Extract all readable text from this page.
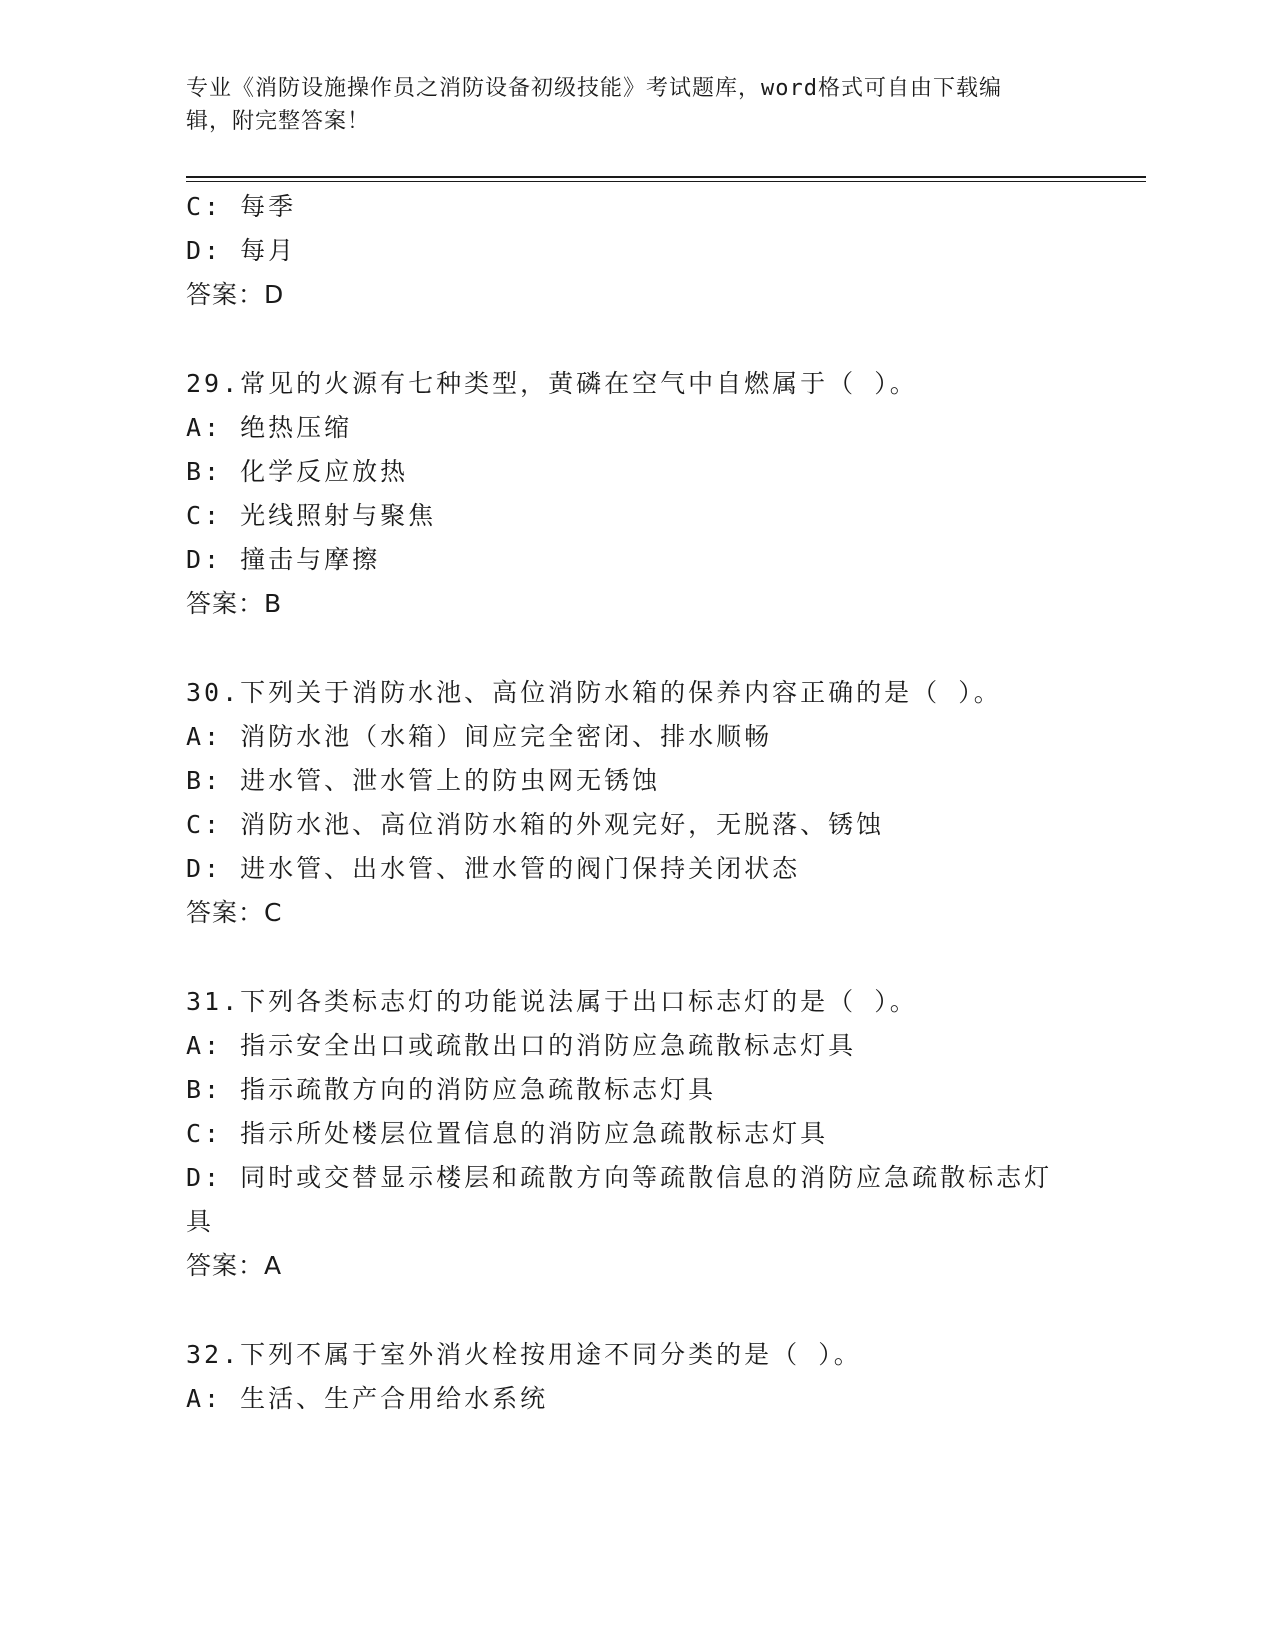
专业《消防设施操作员之消防设备初级技能》考试题库，word格式可自由下载编
辑，附完整答案！
C: 每季
D: 每月
答案：D
29.常见的火源有七种类型，黄磷在空气中自燃属于（ ）。
A: 绝热压缩
B: 化学反应放热
C: 光线照射与聚焦
D: 撞击与摩擦
答案：B
30.下列关于消防水池、高位消防水箱的保养内容正确的是（ ）。
A: 消防水池（水箱）间应完全密闭、排水顺畅
B: 进水管、泄水管上的防虫网无锈蚀
C: 消防水池、高位消防水箱的外观完好，无脱落、锈蚀
D: 进水管、出水管、泄水管的阀门保持关闭状态
答案：C
31.下列各类标志灯的功能说法属于出口标志灯的是（ ）。
A: 指示安全出口或疏散出口的消防应急疏散标志灯具
B: 指示疏散方向的消防应急疏散标志灯具
C: 指示所处楼层位置信息的消防应急疏散标志灯具
D: 同时或交替显示楼层和疏散方向等疏散信息的消防应急疏散标志灯
具
答案：A
32.下列不属于室外消火栓按用途不同分类的是（ ）。
A: 生活、生产合用给水系统
